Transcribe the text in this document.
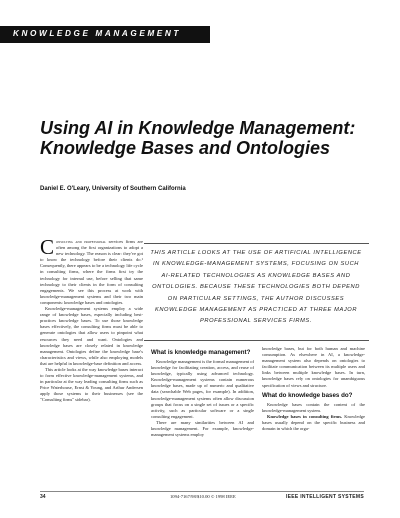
KNOWLEDGE MANAGEMENT
Using AI in Knowledge Management: Knowledge Bases and Ontologies
Daniel E. O'Leary, University of Southern California

Consulting and professional services firms are often among the first organizations to adopt a new technology. The reason is clear: they've got to know the technology before their clients do.¹ Consequently, there appears to be a technology life cycle in consulting firms, where the firms first try the technology for internal use, before selling that same technology to their clients in the form of consulting engagements. We see this process at work with knowledge-management systems and their two main components: knowledge bases and ontologies.

Knowledge-management systems employ a wide range of knowledge bases, especially including best-practices knowledge bases. To use those knowledge bases effectively, the consulting firms must be able to generate ontologies that allow users to pinpoint what resources they need and want. Ontologies and knowledge bases are closely related in knowledge management. Ontologies define the knowledge base's characteristics and views, while also employing models that are helpful in knowledge-base definition and access.

This article looks at the way knowledge bases interact to form effective knowledge-management systems, and in particular at the way leading consulting firms such as Price Waterhouse, Ernst & Young, and Arthur Andersen apply those systems to their businesses (see the "Consulting firms" sidebar).

THIS ARTICLE LOOKS AT THE USE OF ARTIFICIAL INTELLIGENCE IN KNOWLEDGE-MANAGEMENT SYSTEMS, FOCUSING ON SUCH AI-RELATED TECHNOLOGIES AS KNOWLEDGE BASES AND ONTOLOGIES. BECAUSE THESE TECHNOLOGIES BOTH DEPEND ON PARTICULAR SETTINGS, THE AUTHOR DISCUSSES KNOWLEDGE MANAGEMENT AS PRACTICED AT THREE MAJOR PROFESSIONAL SERVICES FIRMS.
What is knowledge management?

Knowledge management is the formal management of knowledge for facilitating creation, access, and reuse of knowledge, typically using advanced technology. Knowledge-management systems contain numerous knowledge bases, made up of numeric and qualitative data (searchable Web pages, for example). In addition, knowledge-management systems often allow discussion groups that focus on a single set of issues or a specific activity, such as particular software or a single consulting engagement.

There are many similarities between AI and knowledge management. For example, knowledge-management systems employ

knowledge bases, but for both human and machine consumption. As elsewhere in AI, a knowledge-management system also depends on ontologies to facilitate communication between its multiple users and links between multiple knowledge bases. In turn, knowledge bases rely on ontologies for unambiguous specification of views and structure.

What do knowledge bases do?

Knowledge bases contain the content of the knowledge-management system.

Knowledge bases in consulting firms. Knowledge bases usually depend on the specific business and domain in which the orga-

34	1094-7167/98/$10.00 © 1998 IEEE	IEEE INTELLIGENT SYSTEMS
